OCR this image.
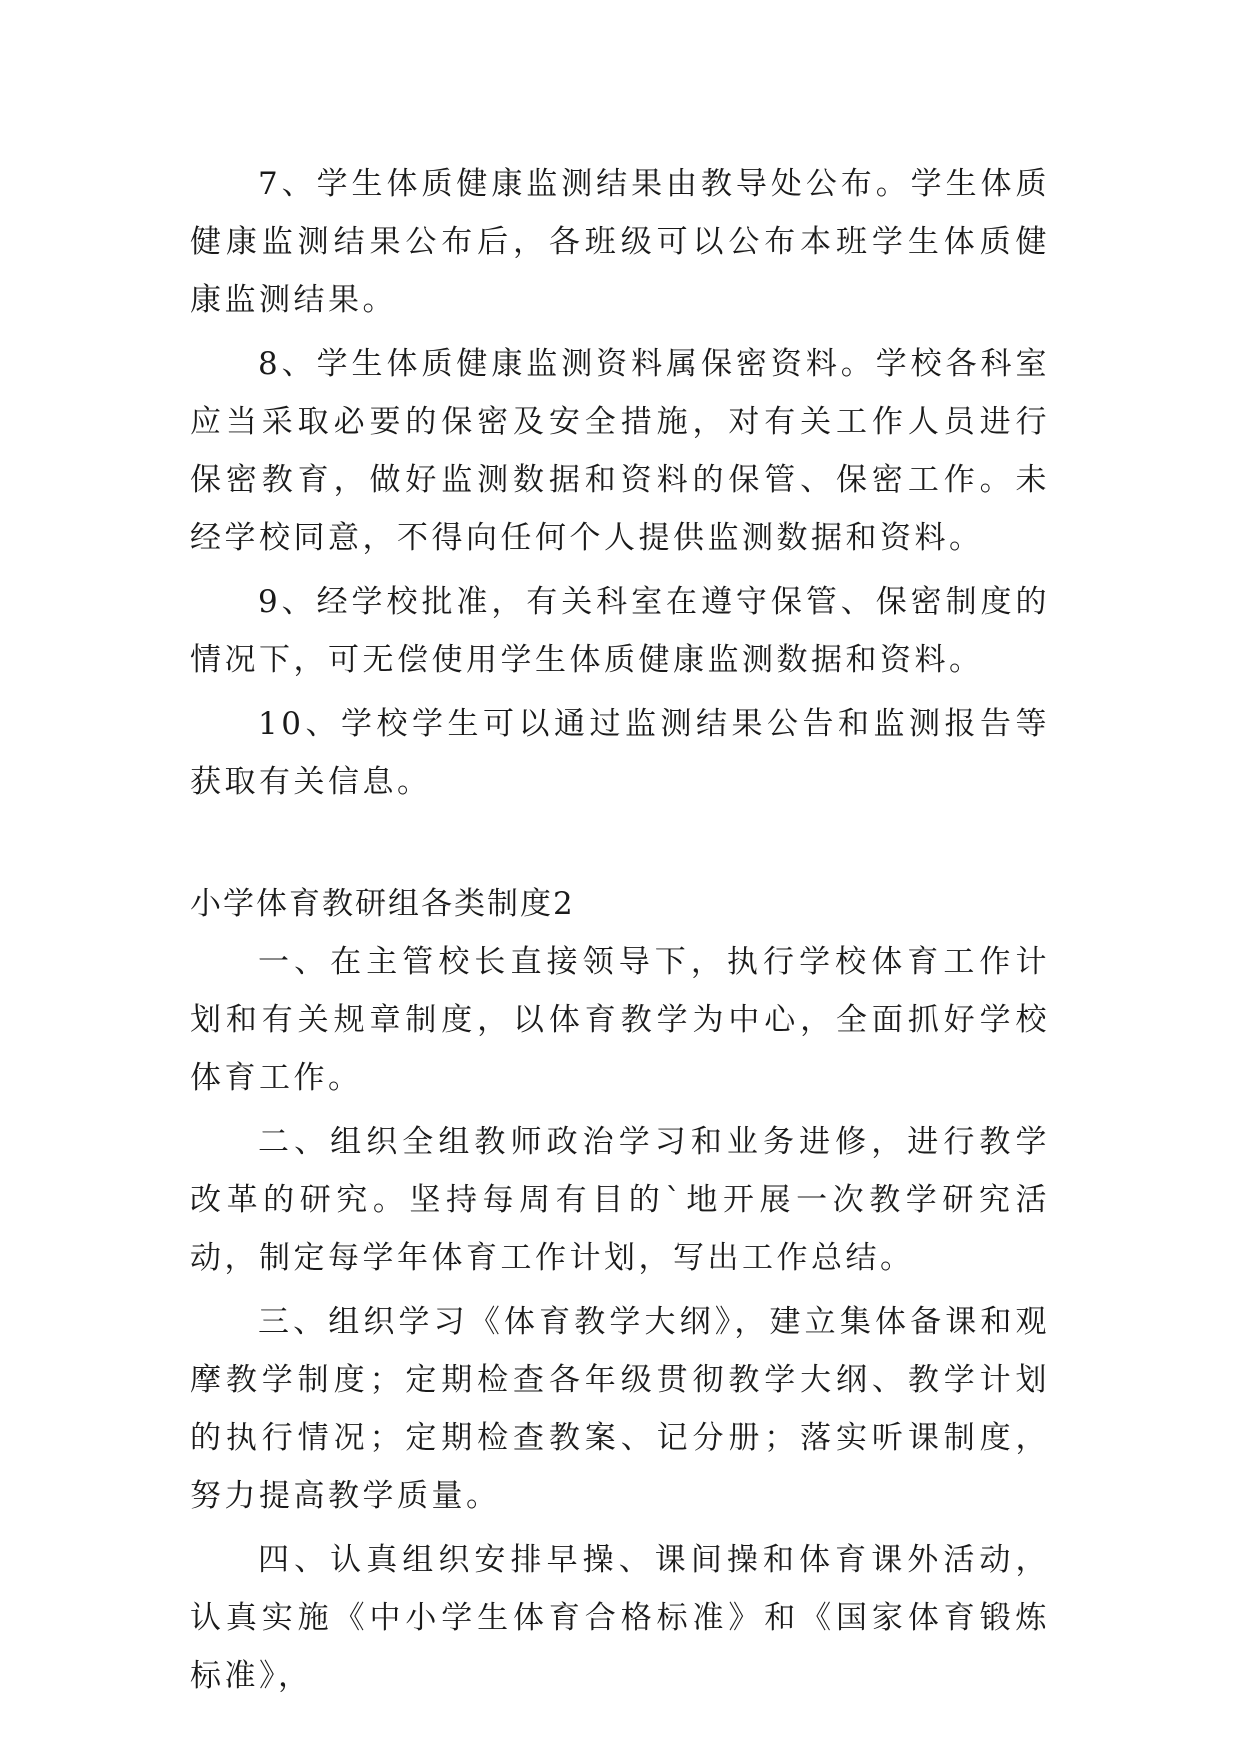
7、学生体质健康监测结果由教导处公布。学生体质健康监测结果公布后，各班级可以公布本班学生体质健康监测结果。

8、学生体质健康监测资料属保密资料。学校各科室应当采取必要的保密及安全措施，对有关工作人员进行保密教育，做好监测数据和资料的保管、保密工作。未经学校同意，不得向任何个人提供监测数据和资料。

9、经学校批准，有关科室在遵守保管、保密制度的情况下，可无偿使用学生体质健康监测数据和资料。

10、学校学生可以通过监测结果公告和监测报告等获取有关信息。

小学体育教研组各类制度2

一、在主管校长直接领导下，执行学校体育工作计划和有关规章制度，以体育教学为中心，全面抓好学校体育工作。

二、组织全组教师政治学习和业务进修，进行教学改革的研究。坚持每周有目的`地开展一次教学研究活动，制定每学年体育工作计划，写出工作总结。

三、组织学习《体育教学大纲》，建立集体备课和观摩教学制度；定期检查各年级贯彻教学大纲、教学计划的执行情况；定期检查教案、记分册；落实听课制度，努力提高教学质量。

四、认真组织安排早操、课间操和体育课外活动，认真实施《中小学生体育合格标准》和《国家体育锻炼标准》，
